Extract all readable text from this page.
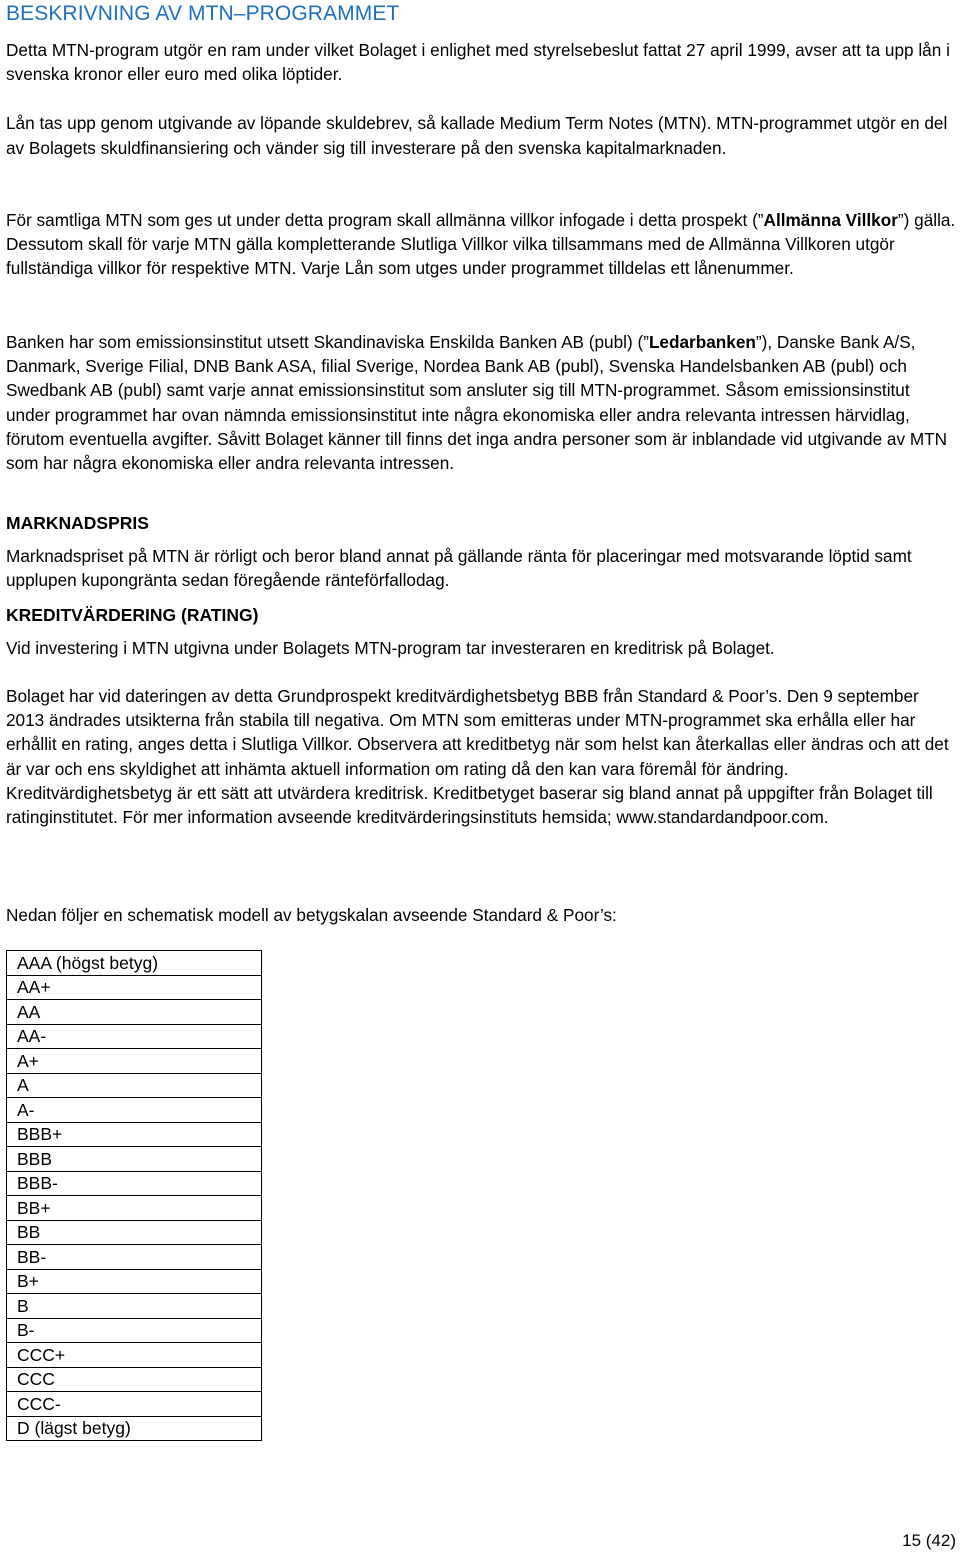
BESKRIVNING AV MTN–PROGRAMMET
Detta MTN-program utgör en ram under vilket Bolaget i enlighet med styrelsebeslut fattat 27 april 1999, avser att ta upp lån i svenska kronor eller euro med olika löptider.
Lån tas upp genom utgivande av löpande skuldebrev, så kallade Medium Term Notes (MTN). MTN-programmet utgör en del av Bolagets skuldfinansiering och vänder sig till investerare på den svenska kapitalmarknaden.
För samtliga MTN som ges ut under detta program skall allmänna villkor infogade i detta prospekt (”Allmänna Villkor”) gälla. Dessutom skall för varje MTN gälla kompletterande Slutliga Villkor vilka tillsammans med de Allmänna Villkoren utgör fullständiga villkor för respektive MTN. Varje Lån som utges under programmet tilldelas ett lånenummer.
Banken har som emissionsinstitut utsett Skandinaviska Enskilda Banken AB (publ) (”Ledarbanken”), Danske Bank A/S, Danmark, Sverige Filial, DNB Bank ASA, filial Sverige, Nordea Bank AB (publ), Svenska Handelsbanken AB (publ) och Swedbank AB (publ) samt varje annat emissionsinstitut som ansluter sig till MTN-programmet. Såsom emissionsinstitut under programmet har ovan nämnda emissionsinstitut inte några ekonomiska eller andra relevanta intressen härvidlag, förutom eventuella avgifter. Såvitt Bolaget känner till finns det inga andra personer som är inblandade vid utgivande av MTN som har några ekonomiska eller andra relevanta intressen.
MARKNADSPRIS
Marknadspriset på MTN är rörligt och beror bland annat på gällande ränta för placeringar med motsvarande löptid samt upplupen kupongränta sedan föregående ränteförfallodag.
KREDITVÄRDERING (RATING)
Vid investering i MTN utgivna under Bolagets MTN-program tar investeraren en kreditrisk på Bolaget.
Bolaget har vid dateringen av detta Grundprospekt kreditvärdighetsbetyg BBB från Standard & Poor’s. Den 9 september 2013 ändrades utsikterna från stabila till negativa. Om MTN som emitteras under MTN-programmet ska erhålla eller har erhållit en rating, anges detta i Slutliga Villkor. Observera att kreditbetyg när som helst kan återkallas eller ändras och att det är var och ens skyldighet att inhämta aktuell information om rating då den kan vara föremål för ändring. Kreditvärdighetsbetyg är ett sätt att utvärdera kreditrisk. Kreditbetyget baserar sig bland annat på uppgifter från Bolaget till ratinginstitutet. För mer information avseende kreditvärderingsinstituts hemsida; www.standardandpoor.com.
Nedan följer en schematisk modell av betygskalan avseende Standard & Poor’s:
AAA (högst betyg)
AA+
AA
AA-
A+
A
A-
BBB+
BBB
BBB-
BB+
BB
BB-
B+
B
B-
CCC+
CCC
CCC-
D (lägst betyg)
15 (42)
